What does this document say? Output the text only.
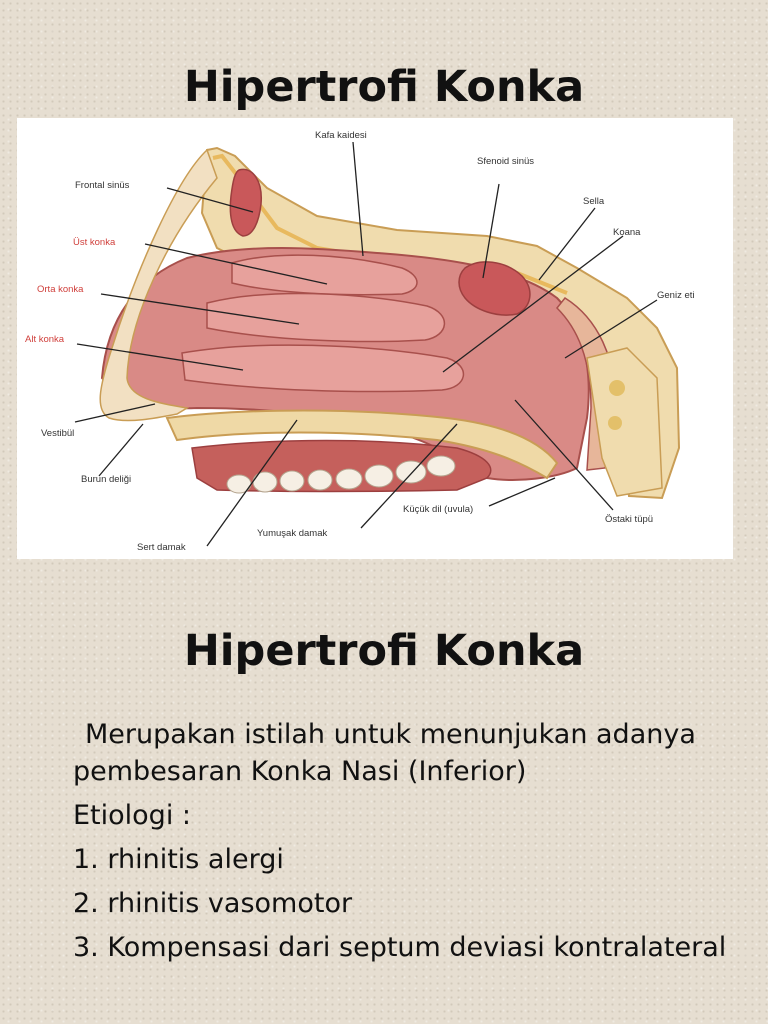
Hipertrofi Konka
Kafa kaidesi
Frontal sinüs
Sfenoid sinüs
Sella
Üst konka
Koana
Orta konka
Geniz eti
Alt konka
Vestibül
Burun deliği
Küçük dil (uvula)
Östaki tüpü
Yumuşak damak
Sert damak
Hipertrofi Konka

Merupakan istilah untuk menunjukan adanya pembesaran Konka Nasi (Inferior)

Etiologi :

1. rhinitis alergi

2. rhinitis vasomotor

3. Kompensasi dari septum deviasi kontralateral
